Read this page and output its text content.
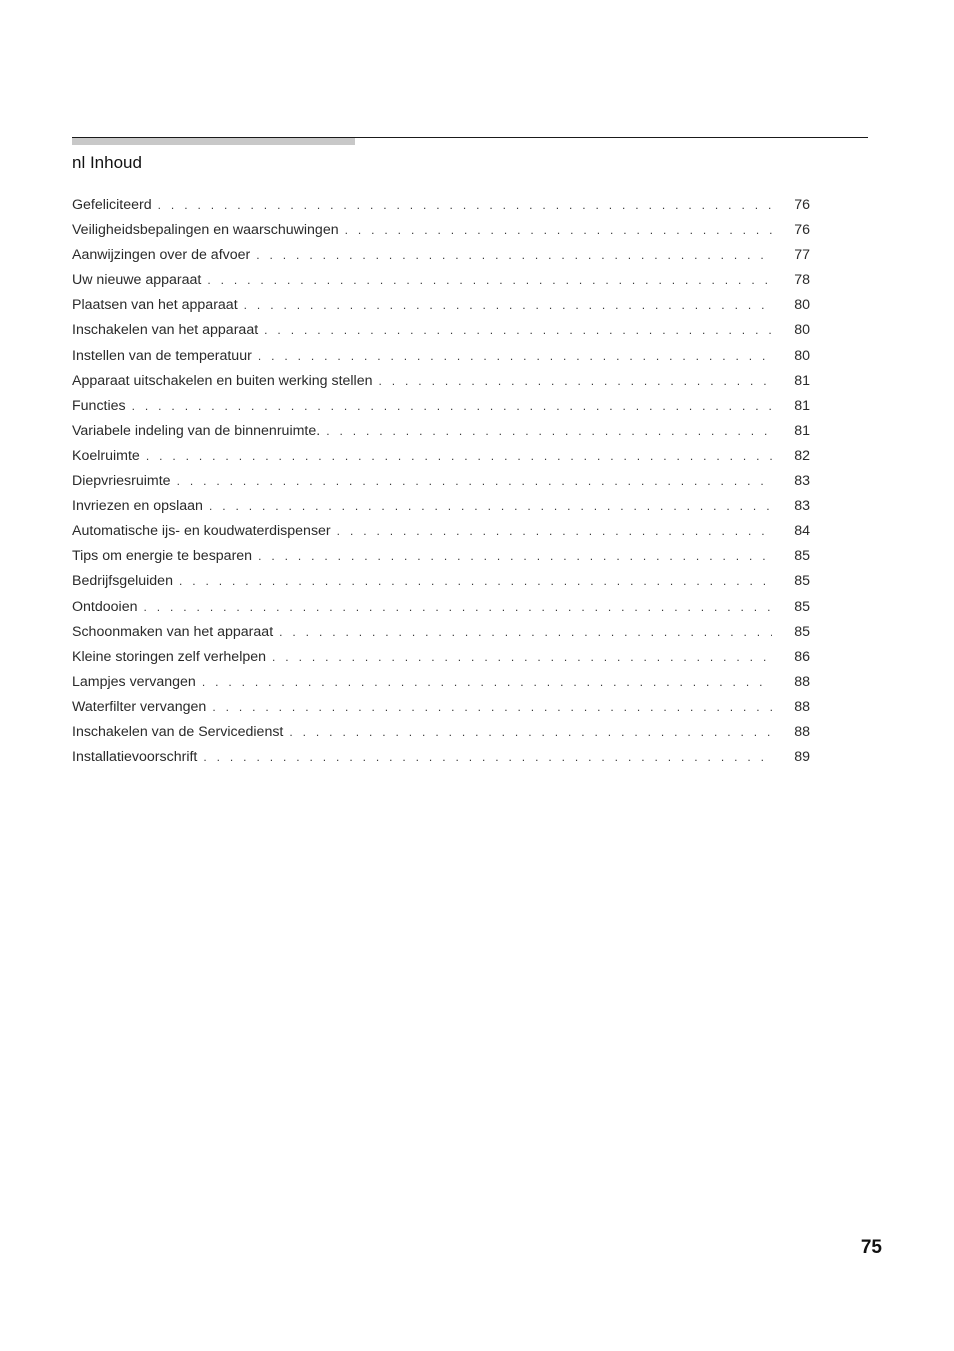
nl Inhoud
Gefeliciteerd . . .	76
Veiligheidsbepalingen en waarschuwingen . . .	76
Aanwijzingen over de afvoer . . .	77
Uw nieuwe apparaat . . .	78
Plaatsen van het apparaat . . .	80
Inschakelen van het apparaat . . .	80
Instellen van de temperatuur . . .	80
Apparaat uitschakelen en buiten werking stellen . . .	81
Functies . . .	81
Variabele indeling van de binnenruimte. . . .	81
Koelruimte . . .	82
Diepvriesruimte . . .	83
Invriezen en opslaan . . .	83
Automatische ijs- en koudwaterdispenser . . .	84
Tips om energie te besparen . . .	85
Bedrijfsgeluiden . . .	85
Ontdooien . . .	85
Schoonmaken van het apparaat . . .	85
Kleine storingen zelf verhelpen . . .	86
Lampjes vervangen . . .	88
Waterfilter vervangen . . .	88
Inschakelen van de Servicedienst . . .	88
Installatievoorschrift . . .	89
75
